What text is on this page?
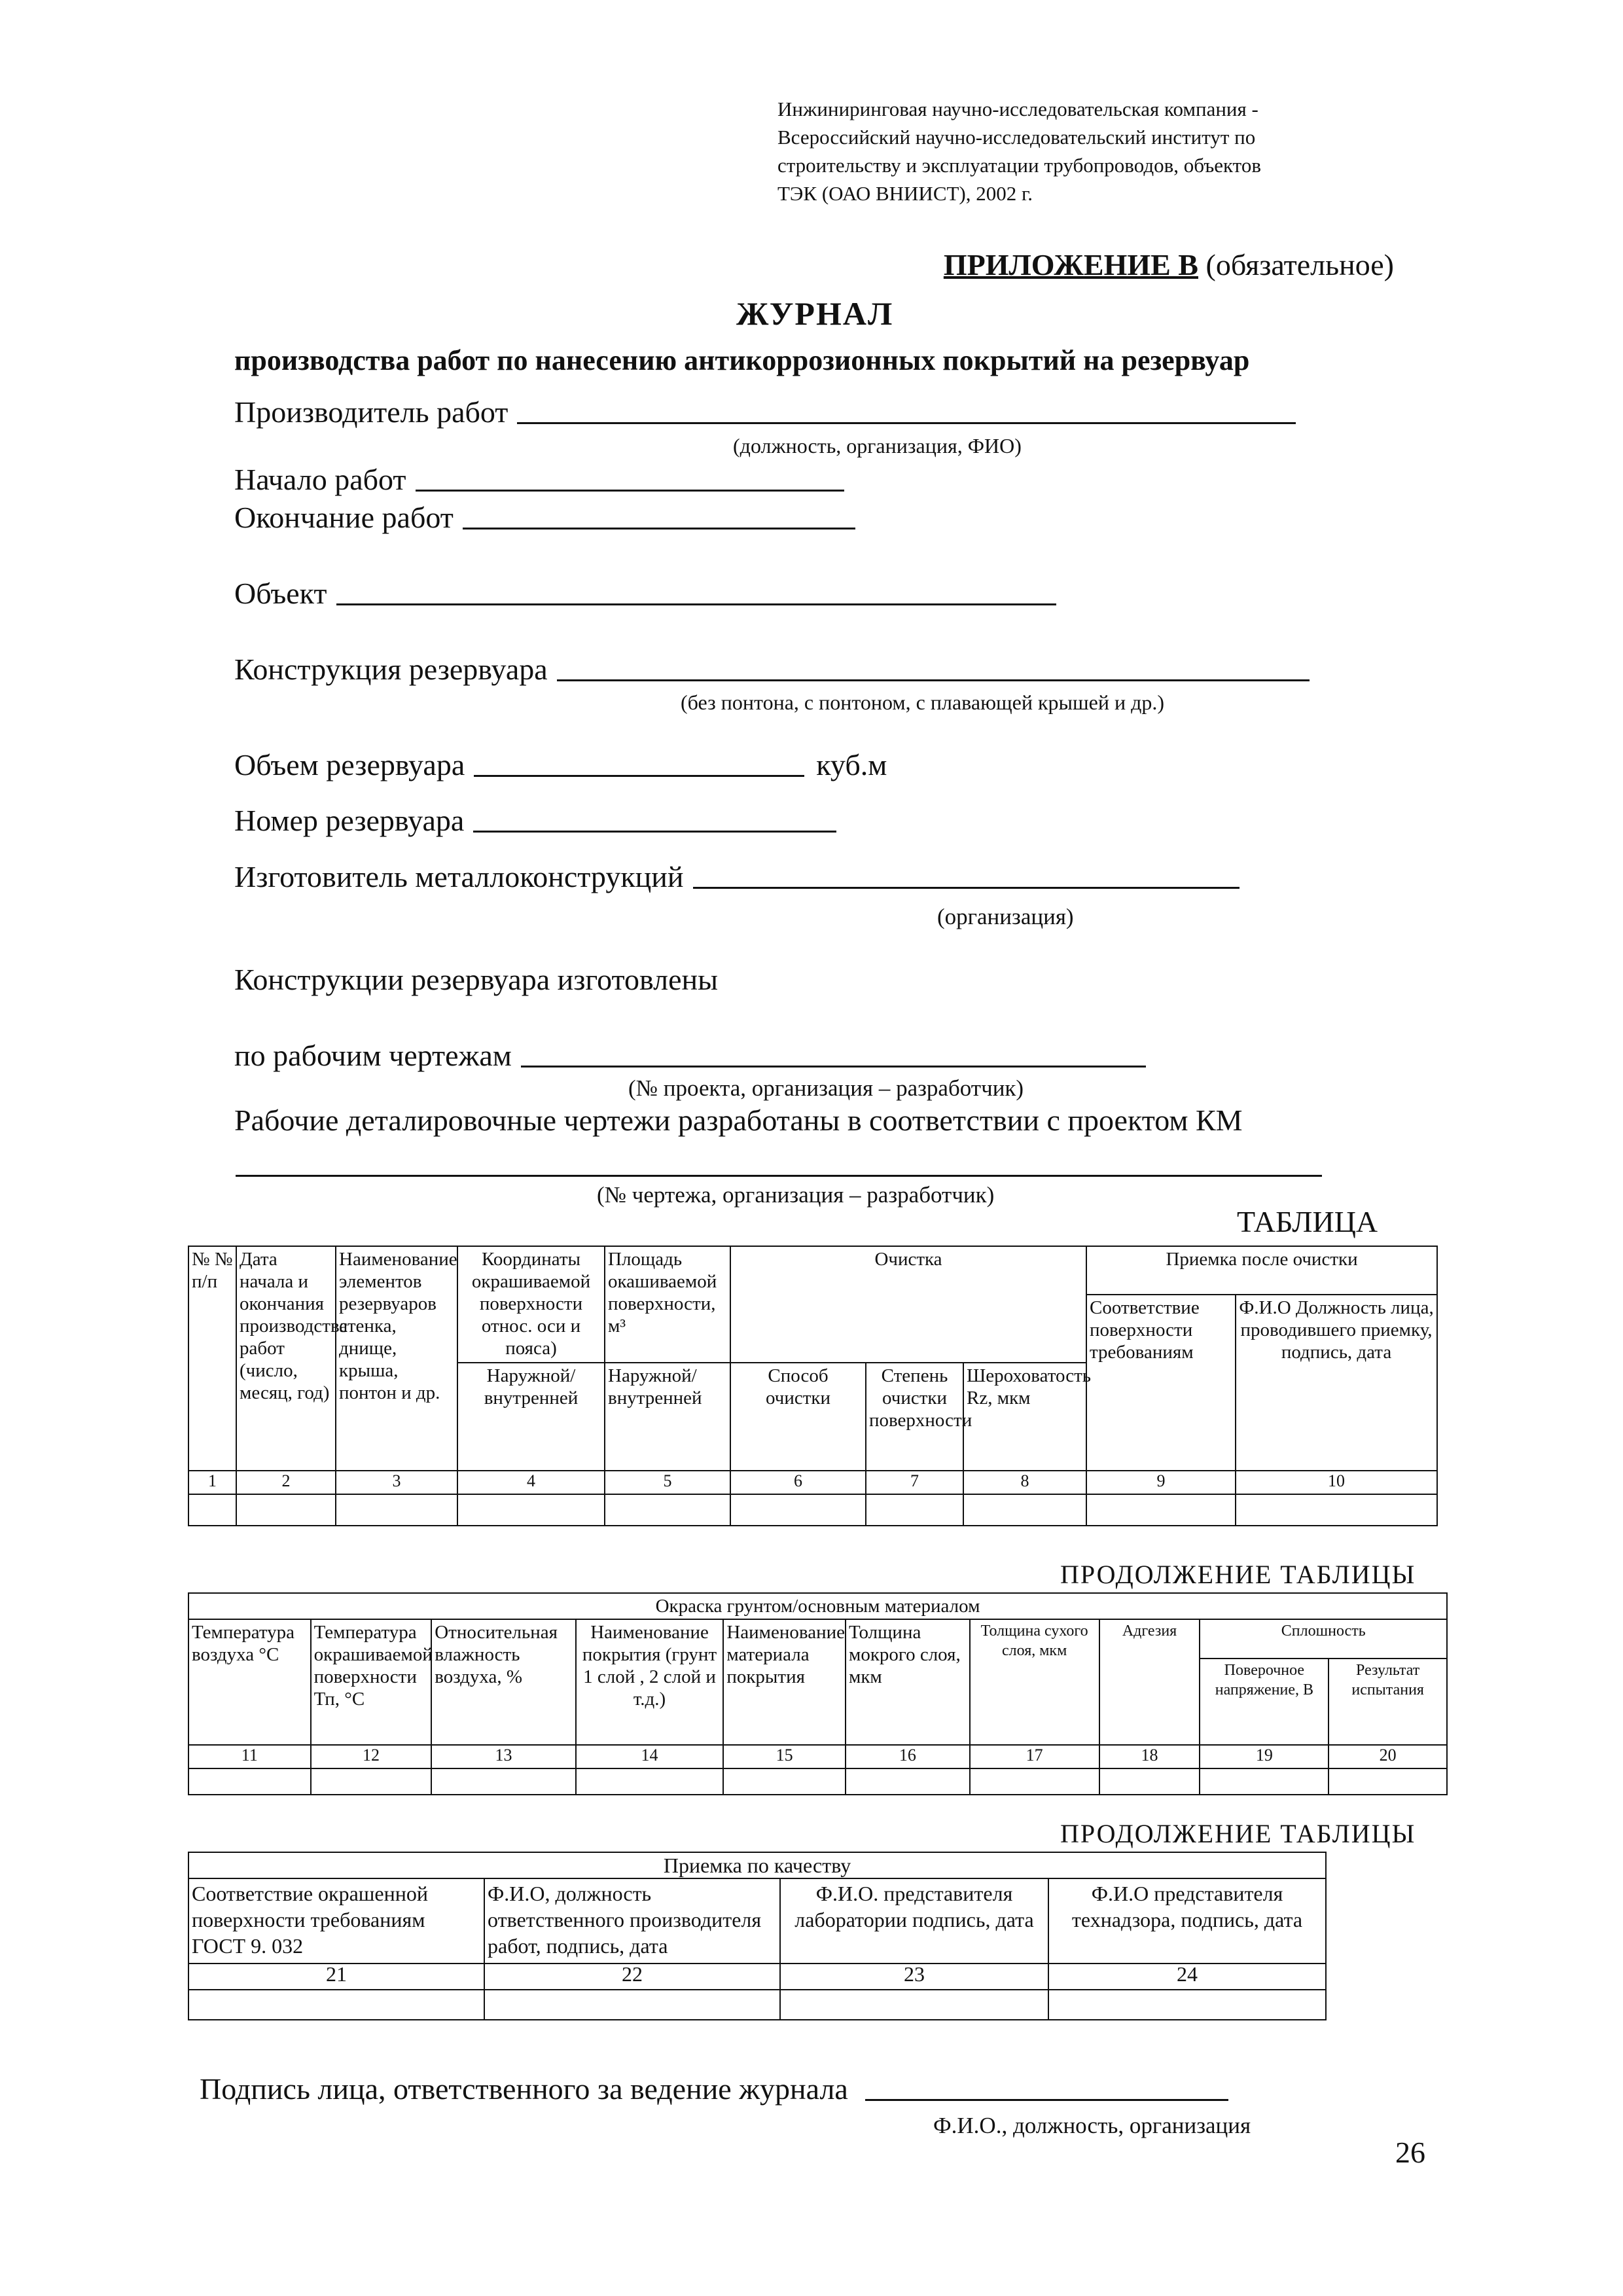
Инжиниринговая научно-исследовательская компания -
Всероссийский научно-исследовательский институт по
строительству и эксплуатации трубопроводов, объектов
ТЭК (ОАО ВНИИСТ), 2002 г.
ПРИЛОЖЕНИЕ В (обязательное)
ЖУРНАЛ
производства работ по нанесению антикоррозионных покрытий на резервуар
Производитель работ
(должность, организация, ФИО)
Начало работ
Окончание работ
Объект
Конструкция резервуара
(без понтона, с понтоном, с плавающей крышей и др.)
Объем резервуара	куб.м
Номер резервуара
Изготовитель металлоконструкций
(организация)
Конструкции резервуара изготовлены
по рабочим чертежам
(№ проекта, организация – разработчик)
Рабочие деталировочные чертежи разработаны в соответствии с проектом КМ
(№ чертежа, организация – разработчик)
ТАБЛИЦА
№ № п/п	Дата начала и окончания производства работ (число, месяц, год)	Наименование элементов резервуаров стенка, днище, крыша, понтон и др.	Координаты окрашиваемой поверхности относ. оси и пояса)	Площадь окашиваемой поверхности, м³	Очистка			Приемка после очистки	
								Соответствие поверхности требованиям	Ф.И.О Должность лица, проводившего приемку, подпись, дата
			Наружной/ внутренней	Наружной/ внутренней	Способ очистки	Степень очистки поверхности	Шероховатость Rz, мкм		
1	2	3	4	5	6	7	8	9	10

ПРОДОЛЖЕНИЕ ТАБЛИЦЫ
Окраска грунтом/основным материалом									
Температура воздуха °С	Температура окрашиваемой поверхности Тп, °С	Относительная влажность воздуха, %	Наименование покрытия (грунт 1 слой , 2 слой и т.д.)	Наименование материала покрытия	Толщина мокрого слоя, мкм	Толщина сухого слоя, мкм	Адгезия	Сплошность	
								Поверочное напряжение, В	Результат испытания
11	12	13	14	15	16	17	18	19	20

ПРОДОЛЖЕНИЕ ТАБЛИЦЫ
Приемка по качеству			
Соответствие окрашенной поверхности требованиям ГОСТ 9. 032	Ф.И.О, должность ответственного производителя работ, подпись, дата	Ф.И.О. представителя лаборатории подпись, дата	Ф.И.О представителя технадзора, подпись, дата
21	22	23	24

Подпись лица, ответственного за ведение журнала
Ф.И.О., должность, организация
26
